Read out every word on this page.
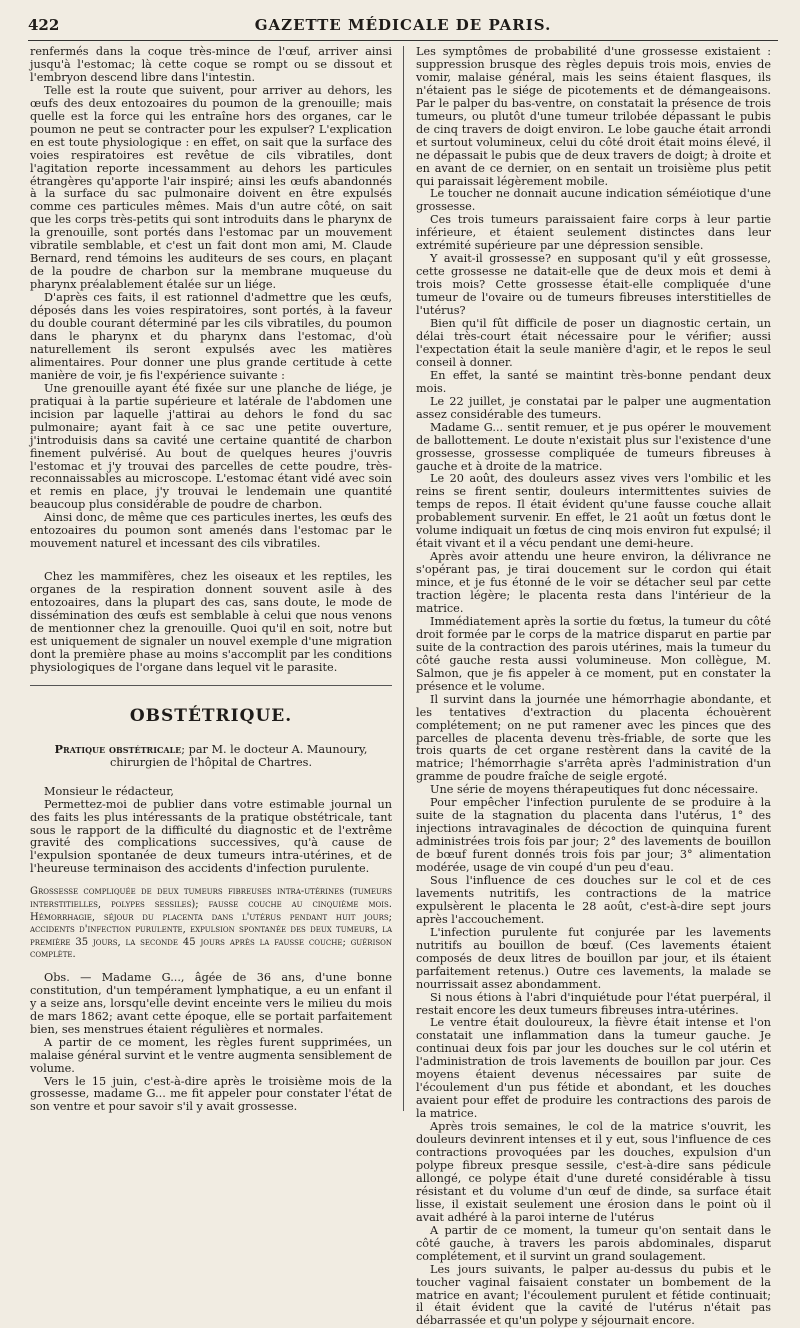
422	GAZETTE MÉDICALE DE PARIS.

renfermés dans la coque très-mince de l'œuf, arriver ainsi jusqu'à l'estomac; là cette coque se rompt ou se dissout et l'embryon descend libre dans l'intestin.

Telle est la route que suivent, pour arriver au dehors, les œufs des deux entozoaires du poumon de la grenouille; mais quelle est la force qui les entraîne hors des organes, car le poumon ne peut se contracter pour les expulser? L'explication en est toute physiologique : en effet, on sait que la surface des voies respiratoires est revêtue de cils vibratiles, dont l'agitation reporte incessamment au dehors les particules étrangères qu'apporte l'air inspiré; ainsi les œufs abandonnés à la surface du sac pulmonaire doivent en être expulsés comme ces particules mêmes. Mais d'un autre côté, on sait que les corps très-petits qui sont introduits dans le pharynx de la grenouille, sont portés dans l'estomac par un mouvement vibratile semblable, et c'est un fait dont mon ami, M. Claude Bernard, rend témoins les auditeurs de ses cours, en plaçant de la poudre de charbon sur la membrane muqueuse du pharynx préalablement étalée sur un liége.

D'après ces faits, il est rationnel d'admettre que les œufs, déposés dans les voies respiratoires, sont portés, à la faveur du double courant déterminé par les cils vibratiles, du poumon dans le pharynx et du pharynx dans l'estomac, d'où naturellement ils seront expulsés avec les matières alimentaires. Pour donner une plus grande certitude à cette manière de voir, je fis l'expérience suivante :

Une grenouille ayant été fixée sur une planche de liége, je pratiquai à la partie supérieure et latérale de l'abdomen une incision par laquelle j'attirai au dehors le fond du sac pulmonaire; ayant fait à ce sac une petite ouverture, j'introduisis dans sa cavité une certaine quantité de charbon finement pulvérisé. Au bout de quelques heures j'ouvris l'estomac et j'y trouvai des parcelles de cette poudre, très-reconnaissables au microscope. L'estomac étant vidé avec soin et remis en place, j'y trouvai le lendemain une quantité beaucoup plus considérable de poudre de charbon.

Ainsi donc, de même que ces particules inertes, les œufs des entozoaires du poumon sont amenés dans l'estomac par le mouvement naturel et incessant des cils vibratiles.

Chez les mammifères, chez les oiseaux et les reptiles, les organes de la respiration donnent souvent asile à des entozoaires, dans la plupart des cas, sans doute, le mode de dissémination des œufs est semblable à celui que nous venons de mentionner chez la grenouille. Quoi qu'il en soit, notre but est uniquement de signaler un nouvel exemple d'une migration dont la première phase au moins s'accomplit par les conditions physiologiques de l'organe dans lequel vit le parasite.

OBSTÉTRIQUE.
Pratique obstétricale; par M. le docteur A. Maunoury, chirurgien de l'hôpital de Chartres.

Monsieur le rédacteur,

Permettez-moi de publier dans votre estimable journal un des faits les plus intéressants de la pratique obstétricale, tant sous le rapport de la difficulté du diagnostic et de l'extrême gravité des complications successives, qu'à cause de l'expulsion spontanée de deux tumeurs intra-utérines, et de l'heureuse terminaison des accidents d'infection purulente.

Grossesse compliquée de deux tumeurs fibreuses intra-utérines (tumeurs interstitielles, polypes sessiles); fausse couche au cinquième mois. Hémorrhagie, séjour du placenta dans l'utérus pendant huit jours; accidents d'infection purulente, expulsion spontanée des deux tumeurs, la première 35 jours, la seconde 45 jours après la fausse couche; guérison complète.

Obs. — Madame G..., âgée de 36 ans, d'une bonne constitution, d'un tempérament lymphatique, a eu un enfant il y a seize ans, lorsqu'elle devint enceinte vers le milieu du mois de mars 1862; avant cette époque, elle se portait parfaitement bien, ses menstrues étaient régulières et normales.

A partir de ce moment, les règles furent supprimées, un malaise général survint et le ventre augmenta sensiblement de volume.

Vers le 15 juin, c'est-à-dire après le troisième mois de la grossesse, madame G... me fit appeler pour constater l'état de son ventre et pour savoir s'il y avait grossesse.

Les symptômes de probabilité d'une grossesse existaient : suppression brusque des règles depuis trois mois, envies de vomir, malaise général, mais les seins étaient flasques, ils n'étaient pas le siége de picotements et de démangeaisons. Par le palper du bas-ventre, on constatait la présence de trois tumeurs, ou plutôt d'une tumeur trilobée dépassant le pubis de cinq travers de doigt environ. Le lobe gauche était arrondi et surtout volumineux, celui du côté droit était moins élevé, il ne dépassait le pubis que de deux travers de doigt; à droite et en avant de ce dernier, on en sentait un troisième plus petit qui paraissait légèrement mobile.

Le toucher ne donnait aucune indication séméiotique d'une grossesse.

Ces trois tumeurs paraissaient faire corps à leur partie inférieure, et étaient seulement distinctes dans leur extrémité supérieure par une dépression sensible.

Y avait-il grossesse? en supposant qu'il y eût grossesse, cette grossesse ne datait-elle que de deux mois et demi à trois mois? Cette grossesse était-elle compliquée d'une tumeur de l'ovaire ou de tumeurs fibreuses interstitielles de l'utérus?

Bien qu'il fût difficile de poser un diagnostic certain, un délai très-court était nécessaire pour le vérifier; aussi l'expectation était la seule manière d'agir, et le repos le seul conseil à donner.

En effet, la santé se maintint très-bonne pendant deux mois.

Le 22 juillet, je constatai par le palper une augmentation assez considérable des tumeurs.

Madame G... sentit remuer, et je pus opérer le mouvement de ballottement. Le doute n'existait plus sur l'existence d'une grossesse, grossesse compliquée de tumeurs fibreuses à gauche et à droite de la matrice.

Le 20 août, des douleurs assez vives vers l'ombilic et les reins se firent sentir, douleurs intermittentes suivies de temps de repos. Il était évident qu'une fausse couche allait probablement survenir. En effet, le 21 août un fœtus dont le volume indiquait un fœtus de cinq mois environ fut expulsé; il était vivant et il a vécu pendant une demi-heure.

Après avoir attendu une heure environ, la délivrance ne s'opérant pas, je tirai doucement sur le cordon qui était mince, et je fus étonné de le voir se détacher seul par cette traction légère; le placenta resta dans l'intérieur de la matrice.

Immédiatement après la sortie du fœtus, la tumeur du côté droit formée par le corps de la matrice disparut en partie par suite de la contraction des parois utérines, mais la tumeur du côté gauche resta aussi volumineuse. Mon collègue, M. Salmon, que je fis appeler à ce moment, put en constater la présence et le volume.

Il survint dans la journée une hémorrhagie abondante, et les tentatives d'extraction du placenta échouèrent complétement; on ne put ramener avec les pinces que des parcelles de placenta devenu très-friable, de sorte que les trois quarts de cet organe restèrent dans la cavité de la matrice; l'hémorrhagie s'arrêta après l'administration d'un gramme de poudre fraîche de seigle ergoté.

Une série de moyens thérapeutiques fut donc nécessaire.

Pour empêcher l'infection purulente de se produire à la suite de la stagnation du placenta dans l'utérus, 1° des injections intravaginales de décoction de quinquina furent administrées trois fois par jour; 2° des lavements de bouillon de bœuf furent donnés trois fois par jour; 3° alimentation modérée, usage de vin coupé d'un peu d'eau.

Sous l'influence de ces douches sur le col et de ces lavements nutritifs, les contractions de la matrice expulsèrent le placenta le 28 août, c'est-à-dire sept jours après l'accouchement.

L'infection purulente fut conjurée par les lavements nutritifs au bouillon de bœuf. (Ces lavements étaient composés de deux litres de bouillon par jour, et ils étaient parfaitement retenus.) Outre ces lavements, la malade se nourrissait assez abondamment.

Si nous étions à l'abri d'inquiétude pour l'état puerpéral, il restait encore les deux tumeurs fibreuses intra-utérines.

Le ventre était douloureux, la fièvre était intense et l'on constatait une inflammation dans la tumeur gauche. Je continuai deux fois par jour les douches sur le col utérin et l'administration de trois lavements de bouillon par jour. Ces moyens étaient devenus nécessaires par suite de l'écoulement d'un pus fétide et abondant, et les douches avaient pour effet de produire les contractions des parois de la matrice.

Après trois semaines, le col de la matrice s'ouvrit, les douleurs devinrent intenses et il y eut, sous l'influence de ces contractions provoquées par les douches, expulsion d'un polype fibreux presque sessile, c'est-à-dire sans pédicule allongé, ce polype était d'une dureté considérable à tissu résistant et du volume d'un œuf de dinde, sa surface était lisse, il existait seulement une érosion dans le point où il avait adhéré à la paroi interne de l'utérus

A partir de ce moment, la tumeur qu'on sentait dans le côté gauche, à travers les parois abdominales, disparut complétement, et il survint un grand soulagement.

Les jours suivants, le palper au-dessus du pubis et le toucher vaginal faisaient constater un bombement de la matrice en avant; l'écoulement purulent et fétide continuait; il était évident que la cavité de l'utérus n'était pas débarrassée et qu'un polype y séjournait encore.
